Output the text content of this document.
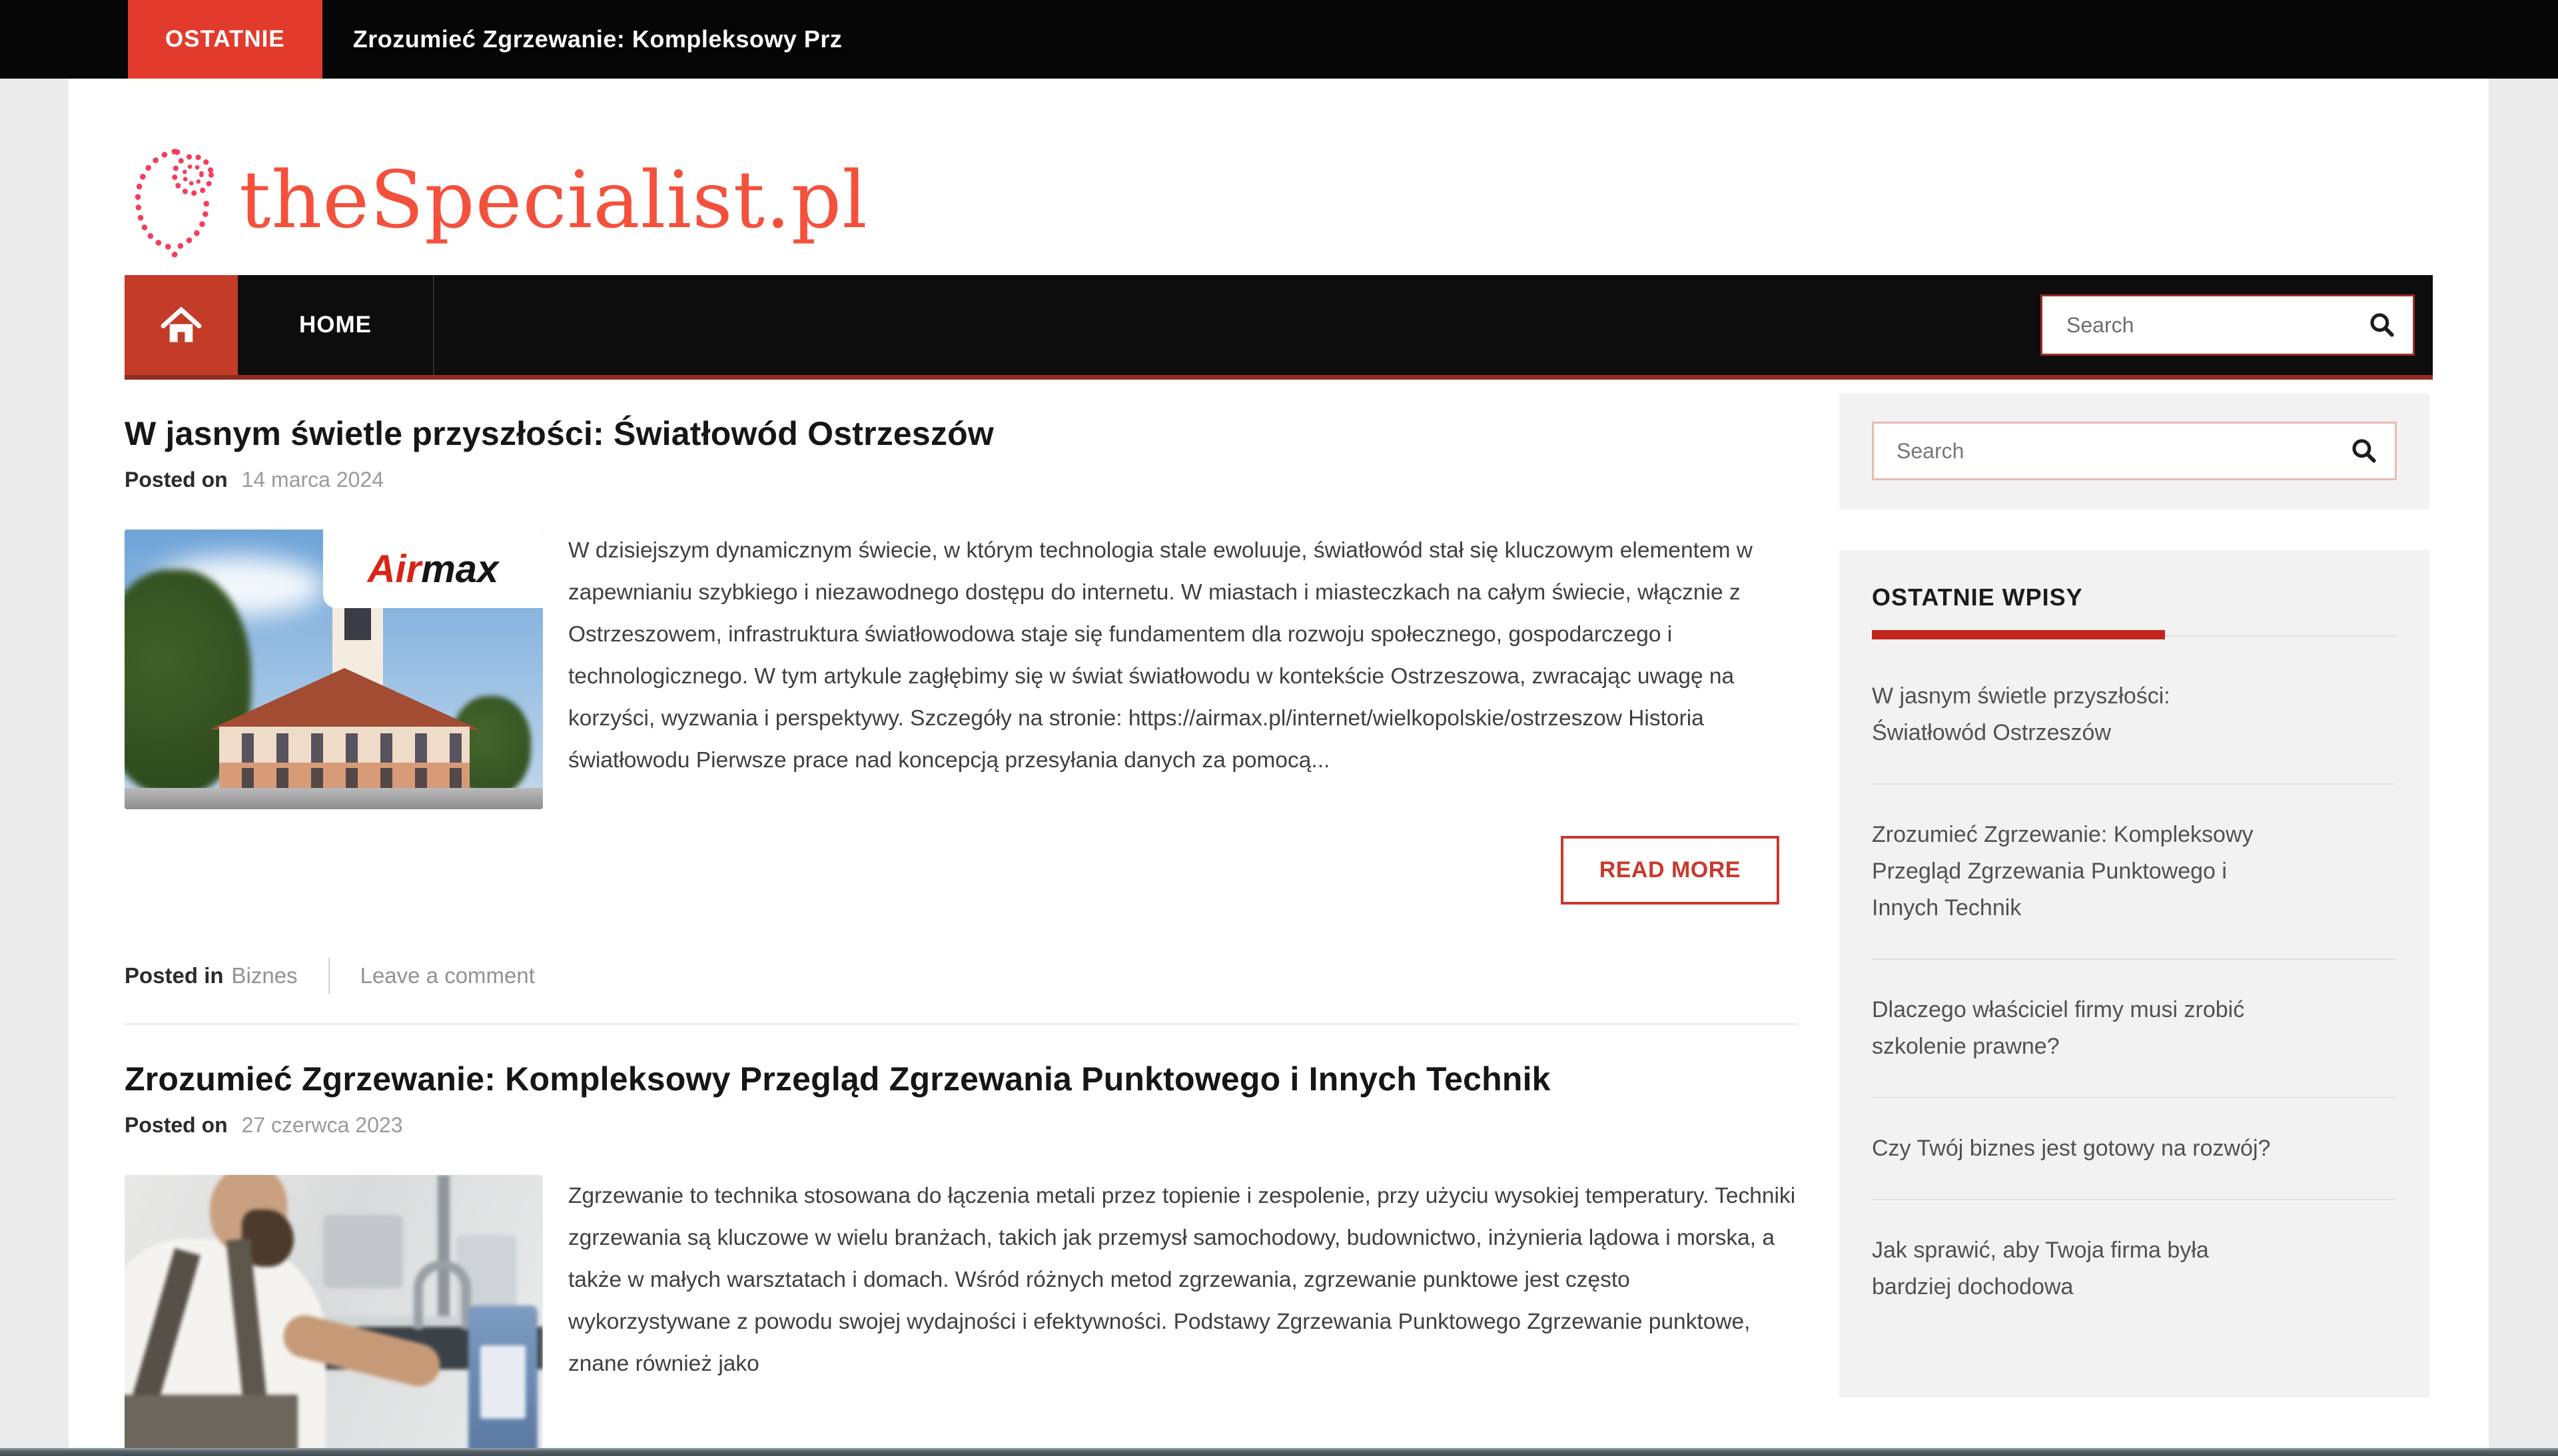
OSTATNIE	Zrozumieć Zgrzewanie: Kompleksowy Prz
theSpecialist.pl
HOME
Search
W jasnym świetle przyszłości: Światłowód Ostrzeszów
Posted on 14 marca 2024
Air max	W dzisiejszym dynamicznym świecie, w którym technologia stale ewoluuje, światłowód stał się kluczowym elementem w zapewnianiu szybkiego i niezawodnego dostępu do internetu. W miastach i miasteczkach na całym świecie, włącznie z Ostrzeszowem, infrastruktura światłowodowa staje się fundamentem dla rozwoju społecznego, gospodarczego i technologicznego. W tym artykule zagłębimy się w świat światłowodu w kontekście Ostrzeszowa, zwracając uwagę na korzyści, wyzwania i perspektywy. Szczegóły na stronie: https://airmax.pl/internet/wielkopolskie/ostrzeszow Historia światłowodu Pierwsze prace nad koncepcją przesyłania danych za pomocą...
READ MORE
Posted in Biznes	Leave a comment
Zrozumieć Zgrzewanie: Kompleksowy Przegląd Zgrzewania Punktowego i Innych Technik
Posted on 27 czerwca 2023
Zgrzewanie to technika stosowana do łączenia metali przez topienie i zespolenie, przy użyciu wysokiej temperatury. Techniki zgrzewania są kluczowe w wielu branżach, takich jak przemysł samochodowy, budownictwo, inżynieria lądowa i morska, a także w małych warsztatach i domach. Wśród różnych metod zgrzewania, zgrzewanie punktowe jest często wykorzystywane z powodu swojej wydajności i efektywności. Podstawy Zgrzewania Punktowego Zgrzewanie punktowe, znane również jako
Search
OSTATNIE WPISY
W jasnym świetle przyszłości: Światłowód Ostrzeszów
Zrozumieć Zgrzewanie: Kompleksowy Przegląd Zgrzewania Punktowego i Innych Technik
Dlaczego właściciel firmy musi zrobić szkolenie prawne?
Czy Twój biznes jest gotowy na rozwój?
Jak sprawić, aby Twoja firma była bardziej dochodowa
